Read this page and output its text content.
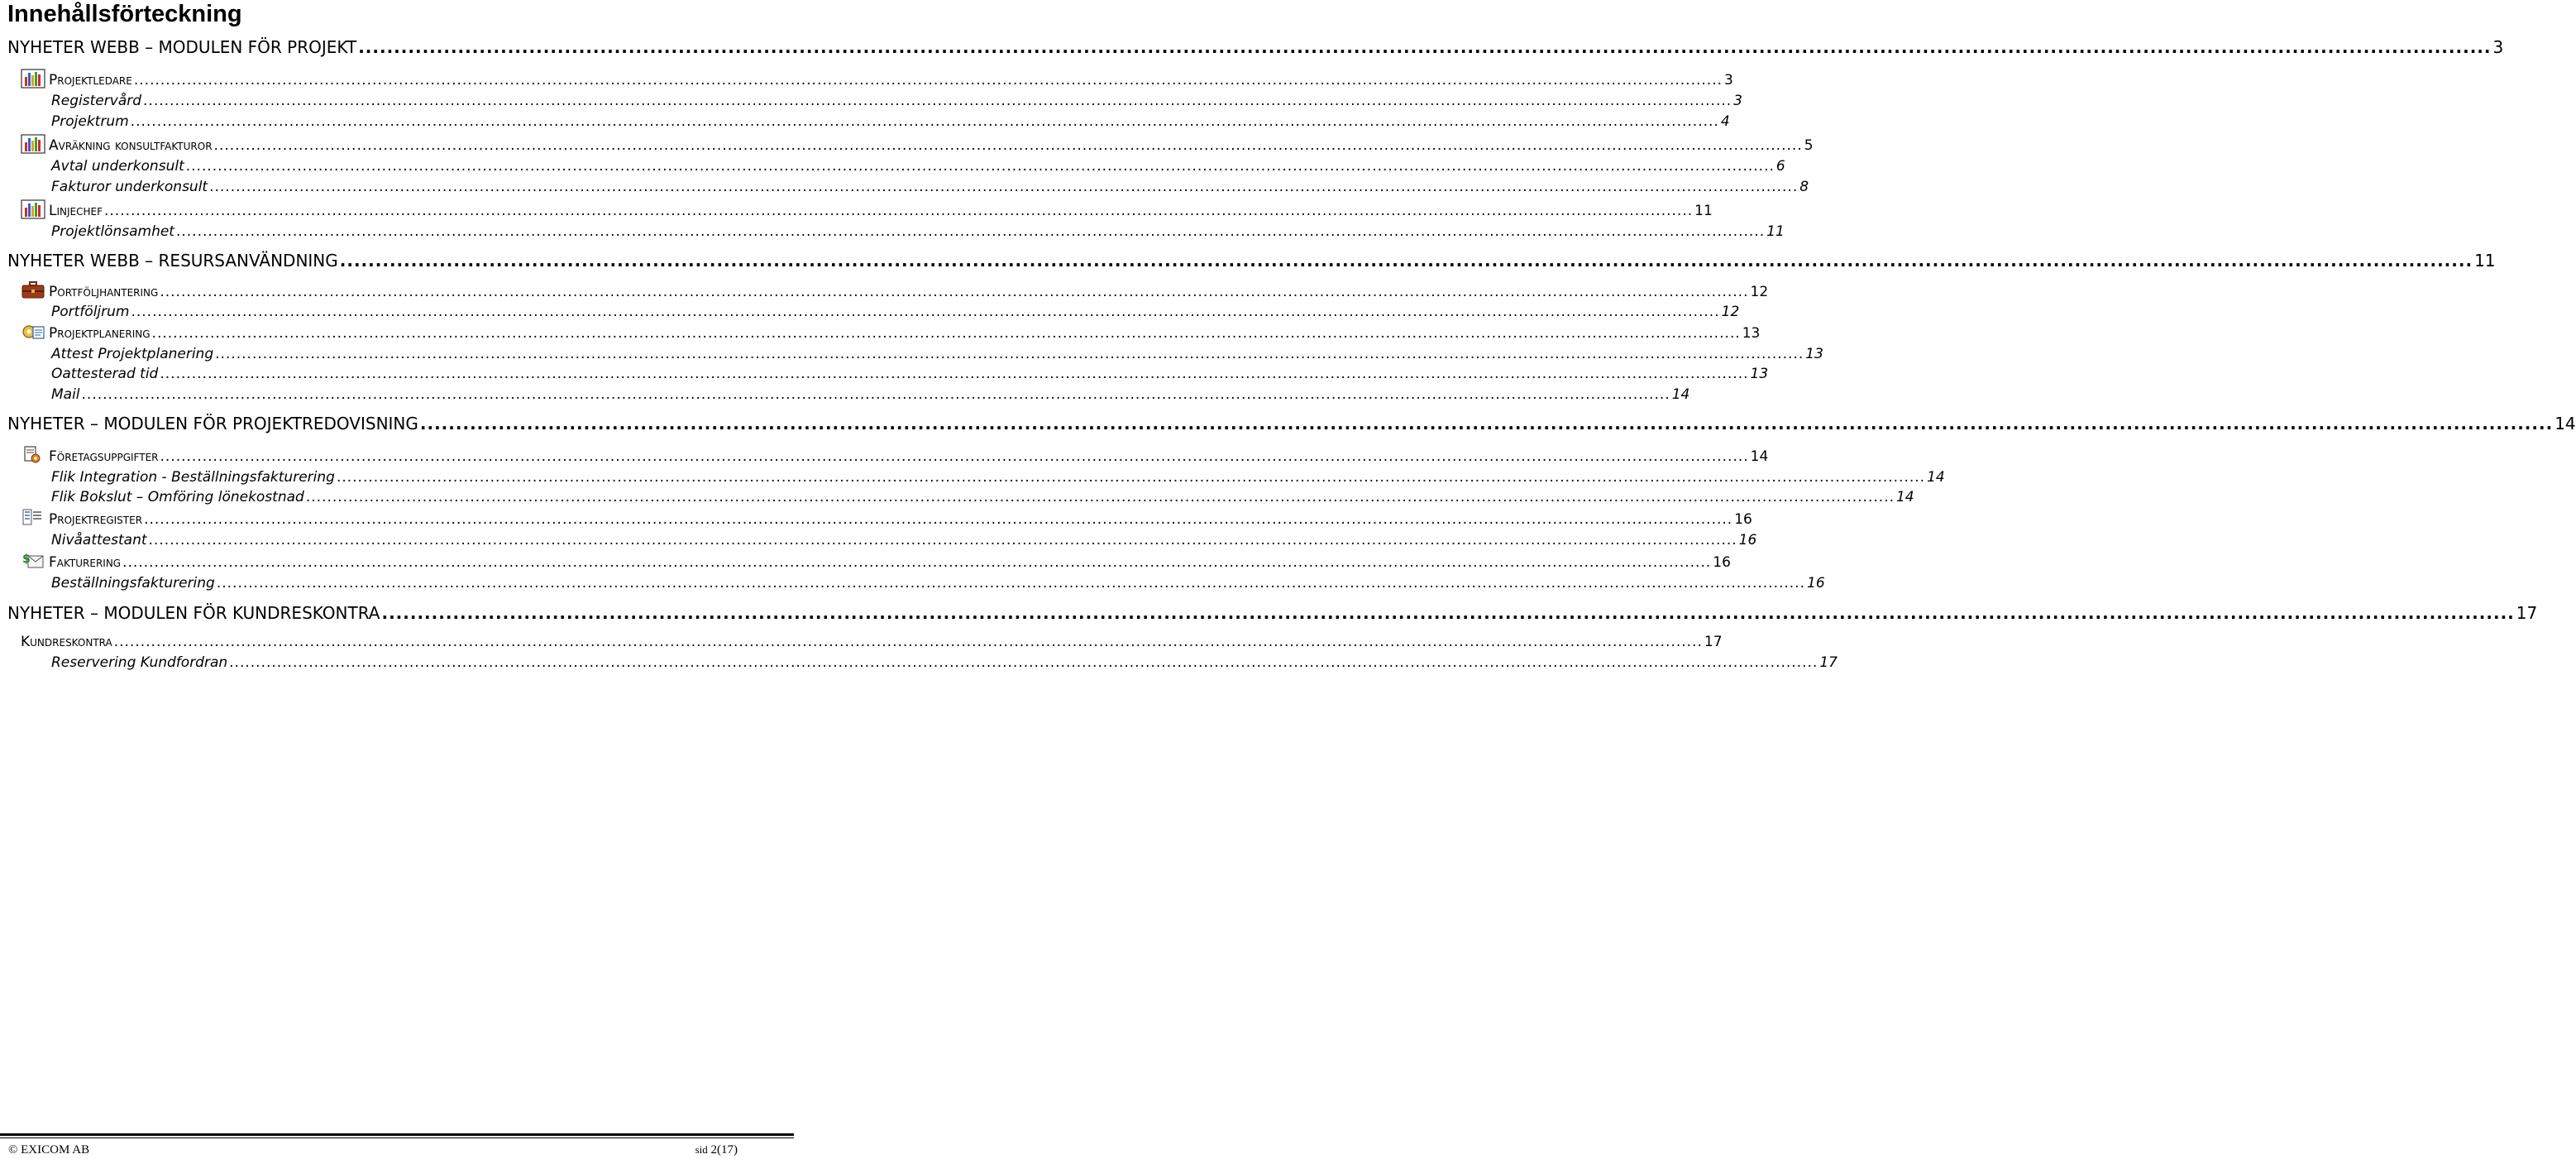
Innehållsförteckning
NYHETER WEBB – MODULEN FÖR PROJEKT ............................................................................................................................................................................................................................................................................................................ 3
Projektledare ............................................................................................................................................................................................................................................................................................................ 3
Registervård ............................................................................................................................................................................................................................................................................................................ 3
Projektrum ............................................................................................................................................................................................................................................................................................................ 4
Avräkning konsultfakturor ............................................................................................................................................................................................................................................................................................................ 5
Avtal underkonsult ............................................................................................................................................................................................................................................................................................................ 6
Fakturor underkonsult ............................................................................................................................................................................................................................................................................................................ 8
Linjechef ............................................................................................................................................................................................................................................................................................................ 11
Projektlönsamhet ............................................................................................................................................................................................................................................................................................................ 11
NYHETER WEBB – RESURSANVÄNDNING ............................................................................................................................................................................................................................................................................................................ 11
Portföljhantering ............................................................................................................................................................................................................................................................................................................ 12
Portföljrum ............................................................................................................................................................................................................................................................................................................ 12
Projektplanering ............................................................................................................................................................................................................................................................................................................ 13
Attest Projektplanering ............................................................................................................................................................................................................................................................................................................ 13
Oattesterad tid ............................................................................................................................................................................................................................................................................................................ 13
Mail ............................................................................................................................................................................................................................................................................................................ 14
NYHETER – MODULEN FÖR PROJEKTREDOVISNING ............................................................................................................................................................................................................................................................................................................ 14
Företagsuppgifter ............................................................................................................................................................................................................................................................................................................ 14
Flik Integration - Beställningsfakturering ............................................................................................................................................................................................................................................................................................................ 14
Flik Bokslut – Omföring lönekostnad ............................................................................................................................................................................................................................................................................................................ 14
Projektregister ............................................................................................................................................................................................................................................................................................................ 16
Nivåattestant ............................................................................................................................................................................................................................................................................................................ 16
$ Fakturering ............................................................................................................................................................................................................................................................................................................ 16
Beställningsfakturering ............................................................................................................................................................................................................................................................................................................ 16
NYHETER – MODULEN FÖR KUNDRESKONTRA ............................................................................................................................................................................................................................................................................................................ 17
Kundreskontra ............................................................................................................................................................................................................................................................................................................ 17
Reservering Kundfordran ............................................................................................................................................................................................................................................................................................................ 17
© EXICOM AB	sid 2(17)
